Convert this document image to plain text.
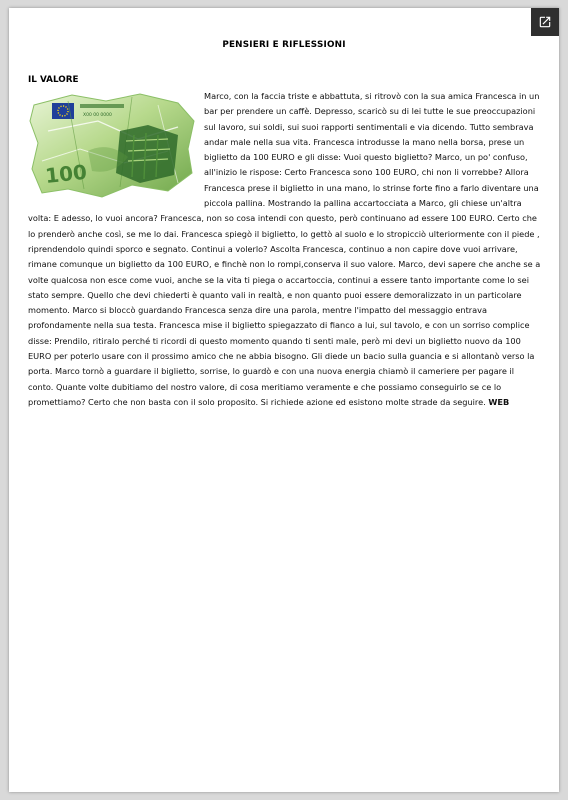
PENSIERI E RIFLESSIONI
IL VALORE
X00 00 0000
100
Marco, con la faccia triste e abbattuta, si ritrovò con la sua amica Francesca in un bar per prendere un caffè. Depresso, scaricò su di lei tutte le sue preoccupazioni sul lavoro, sui soldi, sui suoi rapporti sentimentali e via dicendo. Tutto sembrava andar male nella sua vita. Francesca introdusse la mano nella borsa, prese un biglietto da 100 EURO e gli disse: Vuoi questo biglietto? Marco, un po' confuso, all'inizio le rispose: Certo Francesca sono 100 EURO, chi non li vorrebbe? Allora Francesca prese il biglietto in una mano, lo strinse forte fino a farlo diventare una piccola pallina. Mostrando la pallina accartocciata a Marco, gli chiese un'altra volta: E adesso, lo vuoi ancora? Francesca, non so cosa intendi con questo, però continuano ad essere 100 EURO. Certo che lo prenderò anche così, se me lo dai. Francesca spiegò il biglietto, lo gettò al suolo e lo stropicciò ulteriormente con il piede , riprendendolo quindi sporco e segnato. Continui a volerlo? Ascolta Francesca, continuo a non capire dove vuoi arrivare, rimane comunque un biglietto da 100 EURO, e finchè non lo rompi,conserva il suo valore. Marco, devi sapere che anche se a volte qualcosa non esce come vuoi, anche se la vita ti piega o accartoccia, continui a essere tanto importante come lo sei stato sempre. Quello che devi chiederti è quanto vali in realtà, e non quanto puoi essere demoralizzato in un particolare momento. Marco si bloccò guardando Francesca senza dire una parola, mentre l'impatto del messaggio entrava profondamente nella sua testa. Francesca mise il biglietto spiegazzato di fianco a lui, sul tavolo, e con un sorriso complice disse: Prendilo, ritiralo perché ti ricordi di questo momento quando ti senti male, però mi devi un biglietto nuovo da 100 EURO per poterlo usare con il prossimo amico che ne abbia bisogno. Gli diede un bacio sulla guancia e si allontanò verso la porta. Marco tornò a guardare il biglietto, sorrise, lo guardò e con una nuova energia chiamò il cameriere per pagare il conto. Quante volte dubitiamo del nostro valore, di cosa meritiamo veramente e che possiamo conseguirlo se ce lo promettiamo? Certo che non basta con il solo proposito. Si richiede azione ed esistono molte strade da seguire. WEB
